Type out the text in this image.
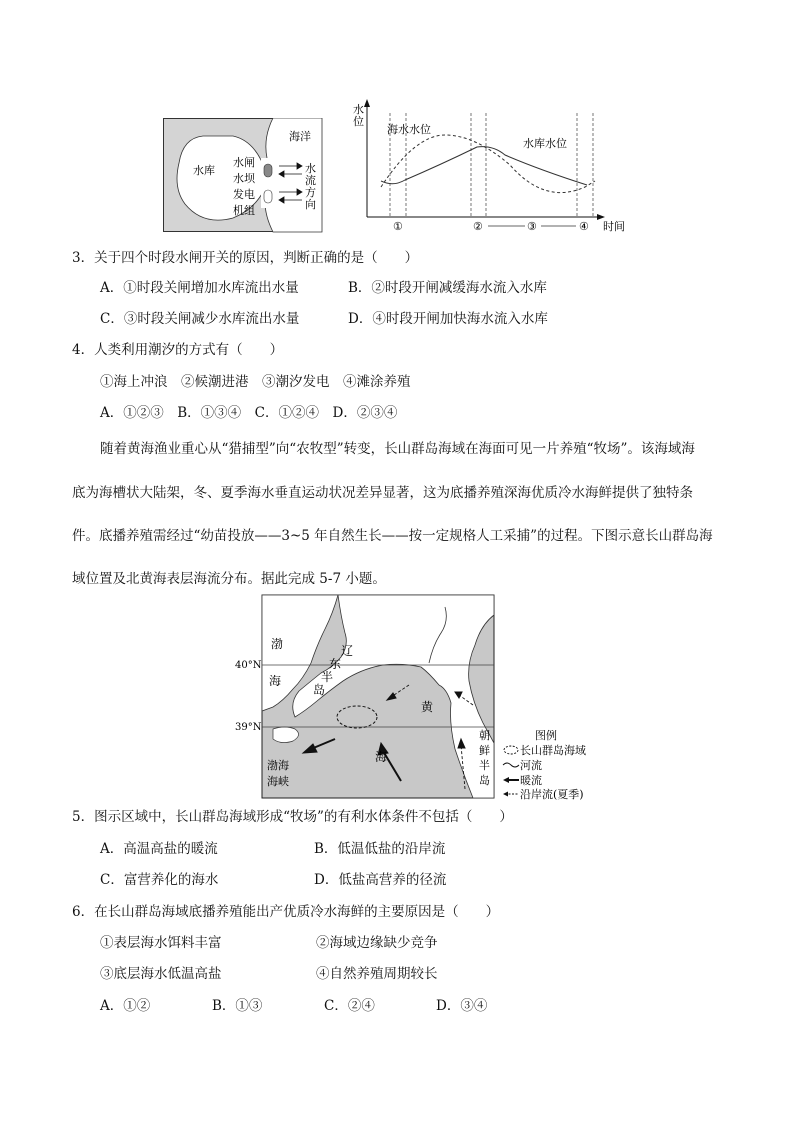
水库
海洋
水闸
水坝
发电
机组
水
流
方
向
水
位
时间
海水水位
水库水位
①	②	③	④
3．关于四个时段水闸开关的原因，判断正确的是（　　）
A．①时段关闸增加水库流出水量	B．②时段开闸减缓海水流入水库
C．③时段关闸减少水库流出水量	D．④时段开闸加快海水流入水库
4．人类利用潮汐的方式有（　　）
①海上冲浪　②候潮进港　③潮汐发电　④滩涂养殖
A．①②③　B．①③④　C．①②④　D．②③④
随着黄海渔业重心从“猎捕型”向“农牧型”转变，长山群岛海域在海面可见一片养殖“牧场”。该海域海
底为海槽状大陆架，冬、夏季海水垂直运动状况差异显著，这为底播养殖深海优质冷水海鲜提供了独特条
件。底播养殖需经过“幼苗投放——3~5 年自然生长——按一定规格人工采捕”的过程。下图示意长山群岛海
域位置及北黄海表层海流分布。据此完成 5-7 小题。
40°N
39°N
渤
海
辽
东
半
岛
黄
海
渤海
海峡
朝
鲜
半
岛
图例
长山群岛海域
河流
暖流
沿岸流(夏季)
5．图示区域中，长山群岛海域形成“牧场”的有利水体条件不包括（　　）
A．高温高盐的暖流	B．低温低盐的沿岸流
C．富营养化的海水	D．低盐高营养的径流
6．在长山群岛海域底播养殖能出产优质冷水海鲜的主要原因是（　　）
①表层海水饵料丰富	②海域边缘缺少竞争
③底层海水低温高盐	④自然养殖周期较长
A．①②	B．①③	C．②④	D．③④
